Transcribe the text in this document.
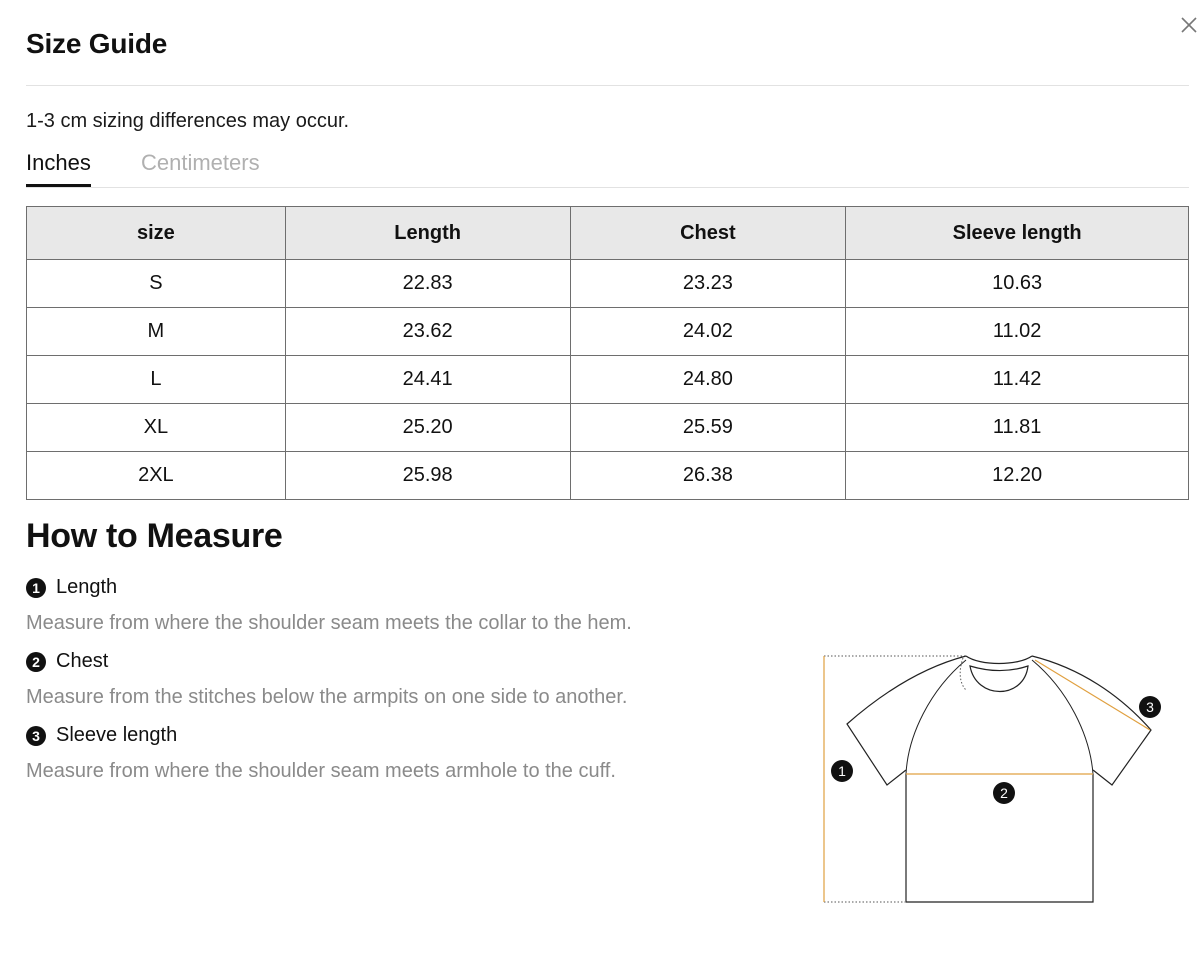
Size Guide
1-3 cm sizing differences may occur.
Inches Centimeters
size	Length	Chest	Sleeve length
S	22.83	23.23	10.63
M	23.62	24.02	11.02
L	24.41	24.80	11.42
XL	25.20	25.59	11.81
2XL	25.98	26.38	12.20
How to Measure
1 Length
Measure from where the shoulder seam meets the collar to the hem.
2 Chest
Measure from the stitches below the armpits on one side to another.
3 Sleeve length
Measure from where the shoulder seam meets armhole to the cuff.	1
2
3
